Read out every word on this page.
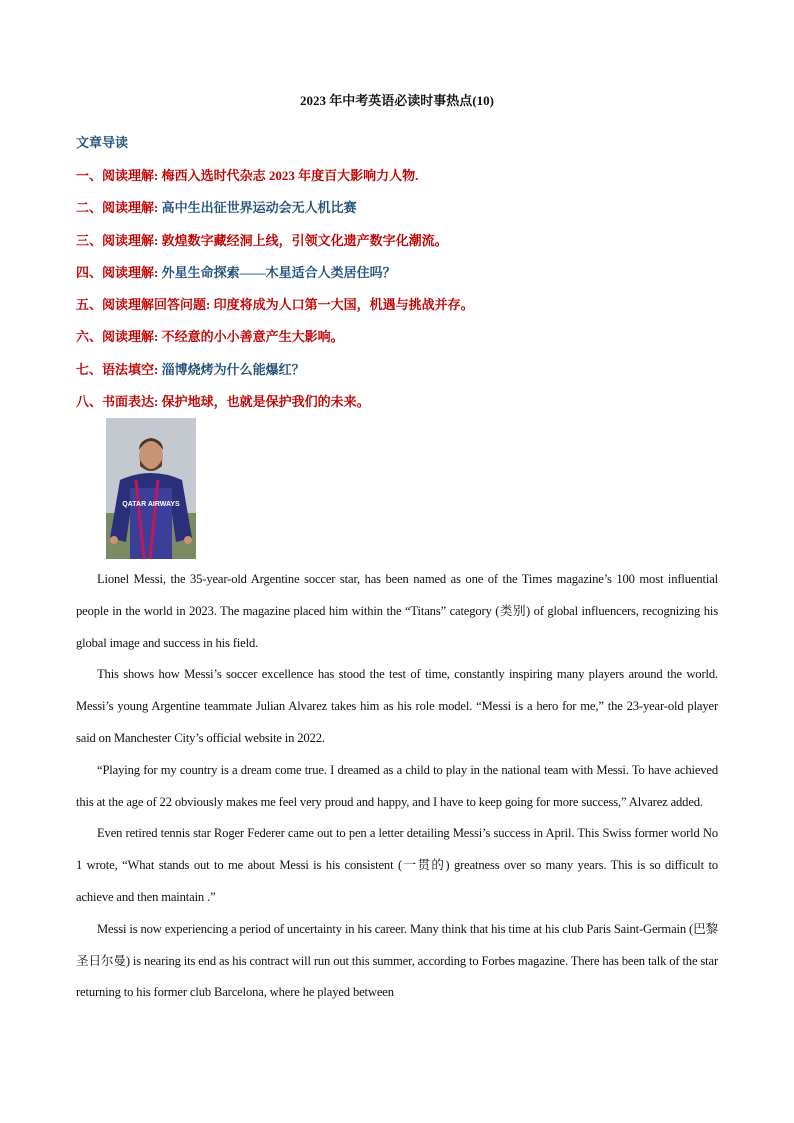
2023 年中考英语必读时事热点(10)
文章导读
一、阅读理解: 梅西入选时代杂志 2023 年度百大影响力人物.
二、阅读理解: 高中生出征世界运动会无人机比赛
三、阅读理解: 敦煌数字藏经洞上线，引领文化遗产数字化潮流。
四、阅读理解: 外星生命探索——木星适合人类居住吗？
五、阅读理解回答问题: 印度将成为人口第一大国，机遇与挑战并存。
六、阅读理解: 不经意的小小善意产生大影响。
七、语法填空: 淄博烧烤为什么能爆红？
八、书面表达: 保护地球，也就是保护我们的未来。
QATAR AIRWAYS

Lionel Messi, the 35-year-old Argentine soccer star, has been named as one of the Times magazine’s 100 most influential people in the world in 2023. The magazine placed him within the “Titans” category (类别) of global influencers, recognizing his global image and success in his field.

This shows how Messi’s soccer excellence has stood the test of time, constantly inspiring many players around the world. Messi’s young Argentine teammate Julian Alvarez takes him as his role model. “Messi is a hero for me,” the 23-year-old player said on Manchester City’s official website in 2022.

“Playing for my country is a dream come true. I dreamed as a child to play in the national team with Messi. To have achieved this at the age of 22 obviously makes me feel very proud and happy, and I have to keep going for more success,” Alvarez added.

Even retired tennis star Roger Federer came out to pen a letter detailing Messi’s success in April. This Swiss former world No 1 wrote, “What stands out to me about Messi is his consistent (一贯的) greatness over so many years. This is so difficult to achieve and then maintain .”

Messi is now experiencing a period of uncertainty in his career. Many think that his time at his club Paris Saint-Germain (巴黎圣日尔曼) is nearing its end as his contract will run out this summer, according to Forbes magazine. There has been talk of the star returning to his former club Barcelona, where he played between
